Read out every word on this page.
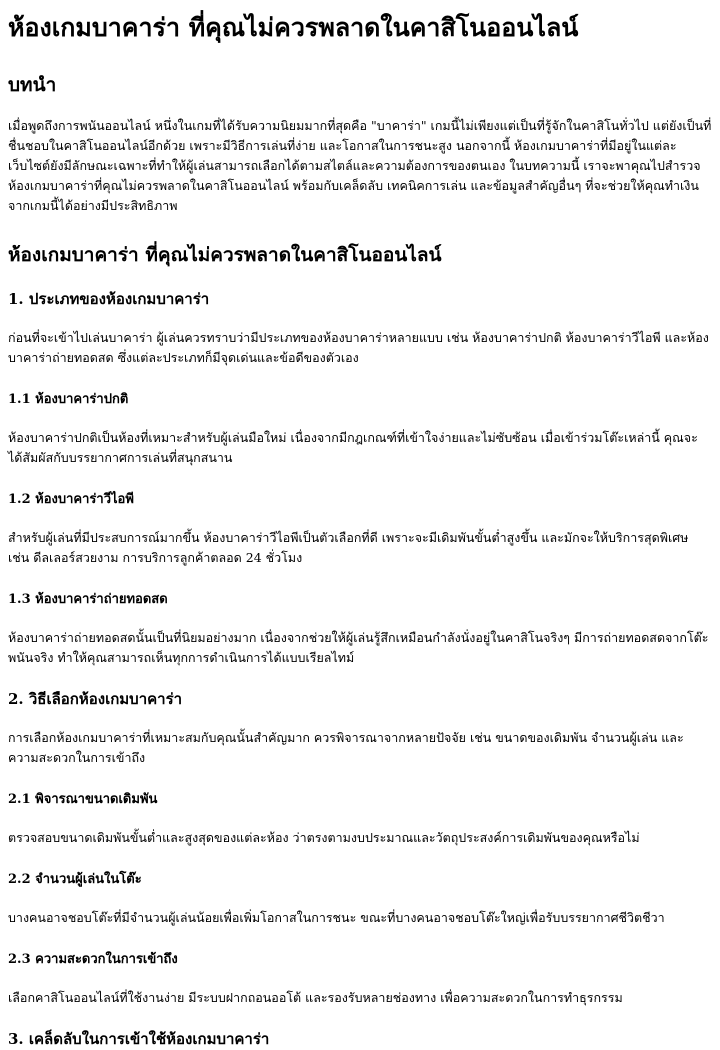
ห้องเกมบาคาร่า ที่คุณไม่ควรพลาดในคาสิโนออนไลน์
บทนำ

เมื่อพูดถึงการพนันออนไลน์ หนึ่งในเกมที่ได้รับความนิยมมากที่สุดคือ "บาคาร่า" เกมนี้ไม่เพียงแต่เป็นที่รู้จักในคาสิโนทั่วไป แต่ยังเป็นที่ชื่นชอบในคาสิโนออนไลน์อีกด้วย เพราะมีวิธีการเล่นที่ง่าย และโอกาสในการชนะสูง นอกจากนี้ ห้องเกมบาคาร่าที่มีอยู่ในแต่ละเว็บไซต์ยังมีลักษณะเฉพาะที่ทำให้ผู้เล่นสามารถเลือกได้ตามสไตล์และความต้องการของตนเอง ในบทความนี้ เราจะพาคุณไปสำรวจห้องเกมบาคาร่าที่คุณไม่ควรพลาดในคาสิโนออนไลน์ พร้อมกับเคล็ดลับ เทคนิคการเล่น และข้อมูลสำคัญอื่นๆ ที่จะช่วยให้คุณทำเงินจากเกมนี้ได้อย่างมีประสิทธิภาพ

ห้องเกมบาคาร่า ที่คุณไม่ควรพลาดในคาสิโนออนไลน์
1. ประเภทของห้องเกมบาคาร่า

ก่อนที่จะเข้าไปเล่นบาคาร่า ผู้เล่นควรทราบว่ามีประเภทของห้องบาคาร่าหลายแบบ เช่น ห้องบาคาร่าปกติ ห้องบาคาร่าวีไอพี และห้องบาคาร่าถ่ายทอดสด ซึ่งแต่ละประเภทก็มีจุดเด่นและข้อดีของตัวเอง

1.1 ห้องบาคาร่าปกติ

ห้องบาคาร่าปกติเป็นห้องที่เหมาะสำหรับผู้เล่นมือใหม่ เนื่องจากมีกฎเกณฑ์ที่เข้าใจง่ายและไม่ซับซ้อน เมื่อเข้าร่วมโต๊ะเหล่านี้ คุณจะได้สัมผัสกับบรรยากาศการเล่นที่สนุกสนาน

1.2 ห้องบาคาร่าวีไอพี

สำหรับผู้เล่นที่มีประสบการณ์มากขึ้น ห้องบาคาร่าวีไอพีเป็นตัวเลือกที่ดี เพราะจะมีเดิมพันขั้นต่ำสูงขึ้น และมักจะให้บริการสุดพิเศษ เช่น ดีลเลอร์สวยงาม การบริการลูกค้าตลอด 24 ชั่วโมง

1.3 ห้องบาคาร่าถ่ายทอดสด

ห้องบาคาร่าถ่ายทอดสดนั้นเป็นที่นิยมอย่างมาก เนื่องจากช่วยให้ผู้เล่นรู้สึกเหมือนกำลังนั่งอยู่ในคาสิโนจริงๆ มีการถ่ายทอดสดจากโต๊ะพนันจริง ทำให้คุณสามารถเห็นทุกการดำเนินการได้แบบเรียลไทม์

2. วิธีเลือกห้องเกมบาคาร่า

การเลือกห้องเกมบาคาร่าที่เหมาะสมกับคุณนั้นสำคัญมาก ควรพิจารณาจากหลายปัจจัย เช่น ขนาดของเดิมพัน จำนวนผู้เล่น และความสะดวกในการเข้าถึง

2.1 พิจารณาขนาดเดิมพัน

ตรวจสอบขนาดเดิมพันขั้นต่ำและสูงสุดของแต่ละห้อง ว่าตรงตามงบประมาณและวัตถุประสงค์การเดิมพันของคุณหรือไม่

2.2 จำนวนผู้เล่นในโต๊ะ

บางคนอาจชอบโต๊ะที่มีจำนวนผู้เล่นน้อยเพื่อเพิ่มโอกาสในการชนะ ขณะที่บางคนอาจชอบโต๊ะใหญ่เพื่อรับบรรยากาศชีวิตชีวา

2.3 ความสะดวกในการเข้าถึง

เลือกคาสิโนออนไลน์ที่ใช้งานง่าย มีระบบฝากถอนออโต้ และรองรับหลายช่องทาง เพื่อความสะดวกในการทำธุรกรรม

3. เคล็ดลับในการเข้าใช้ห้องเกมบาคาร่า
